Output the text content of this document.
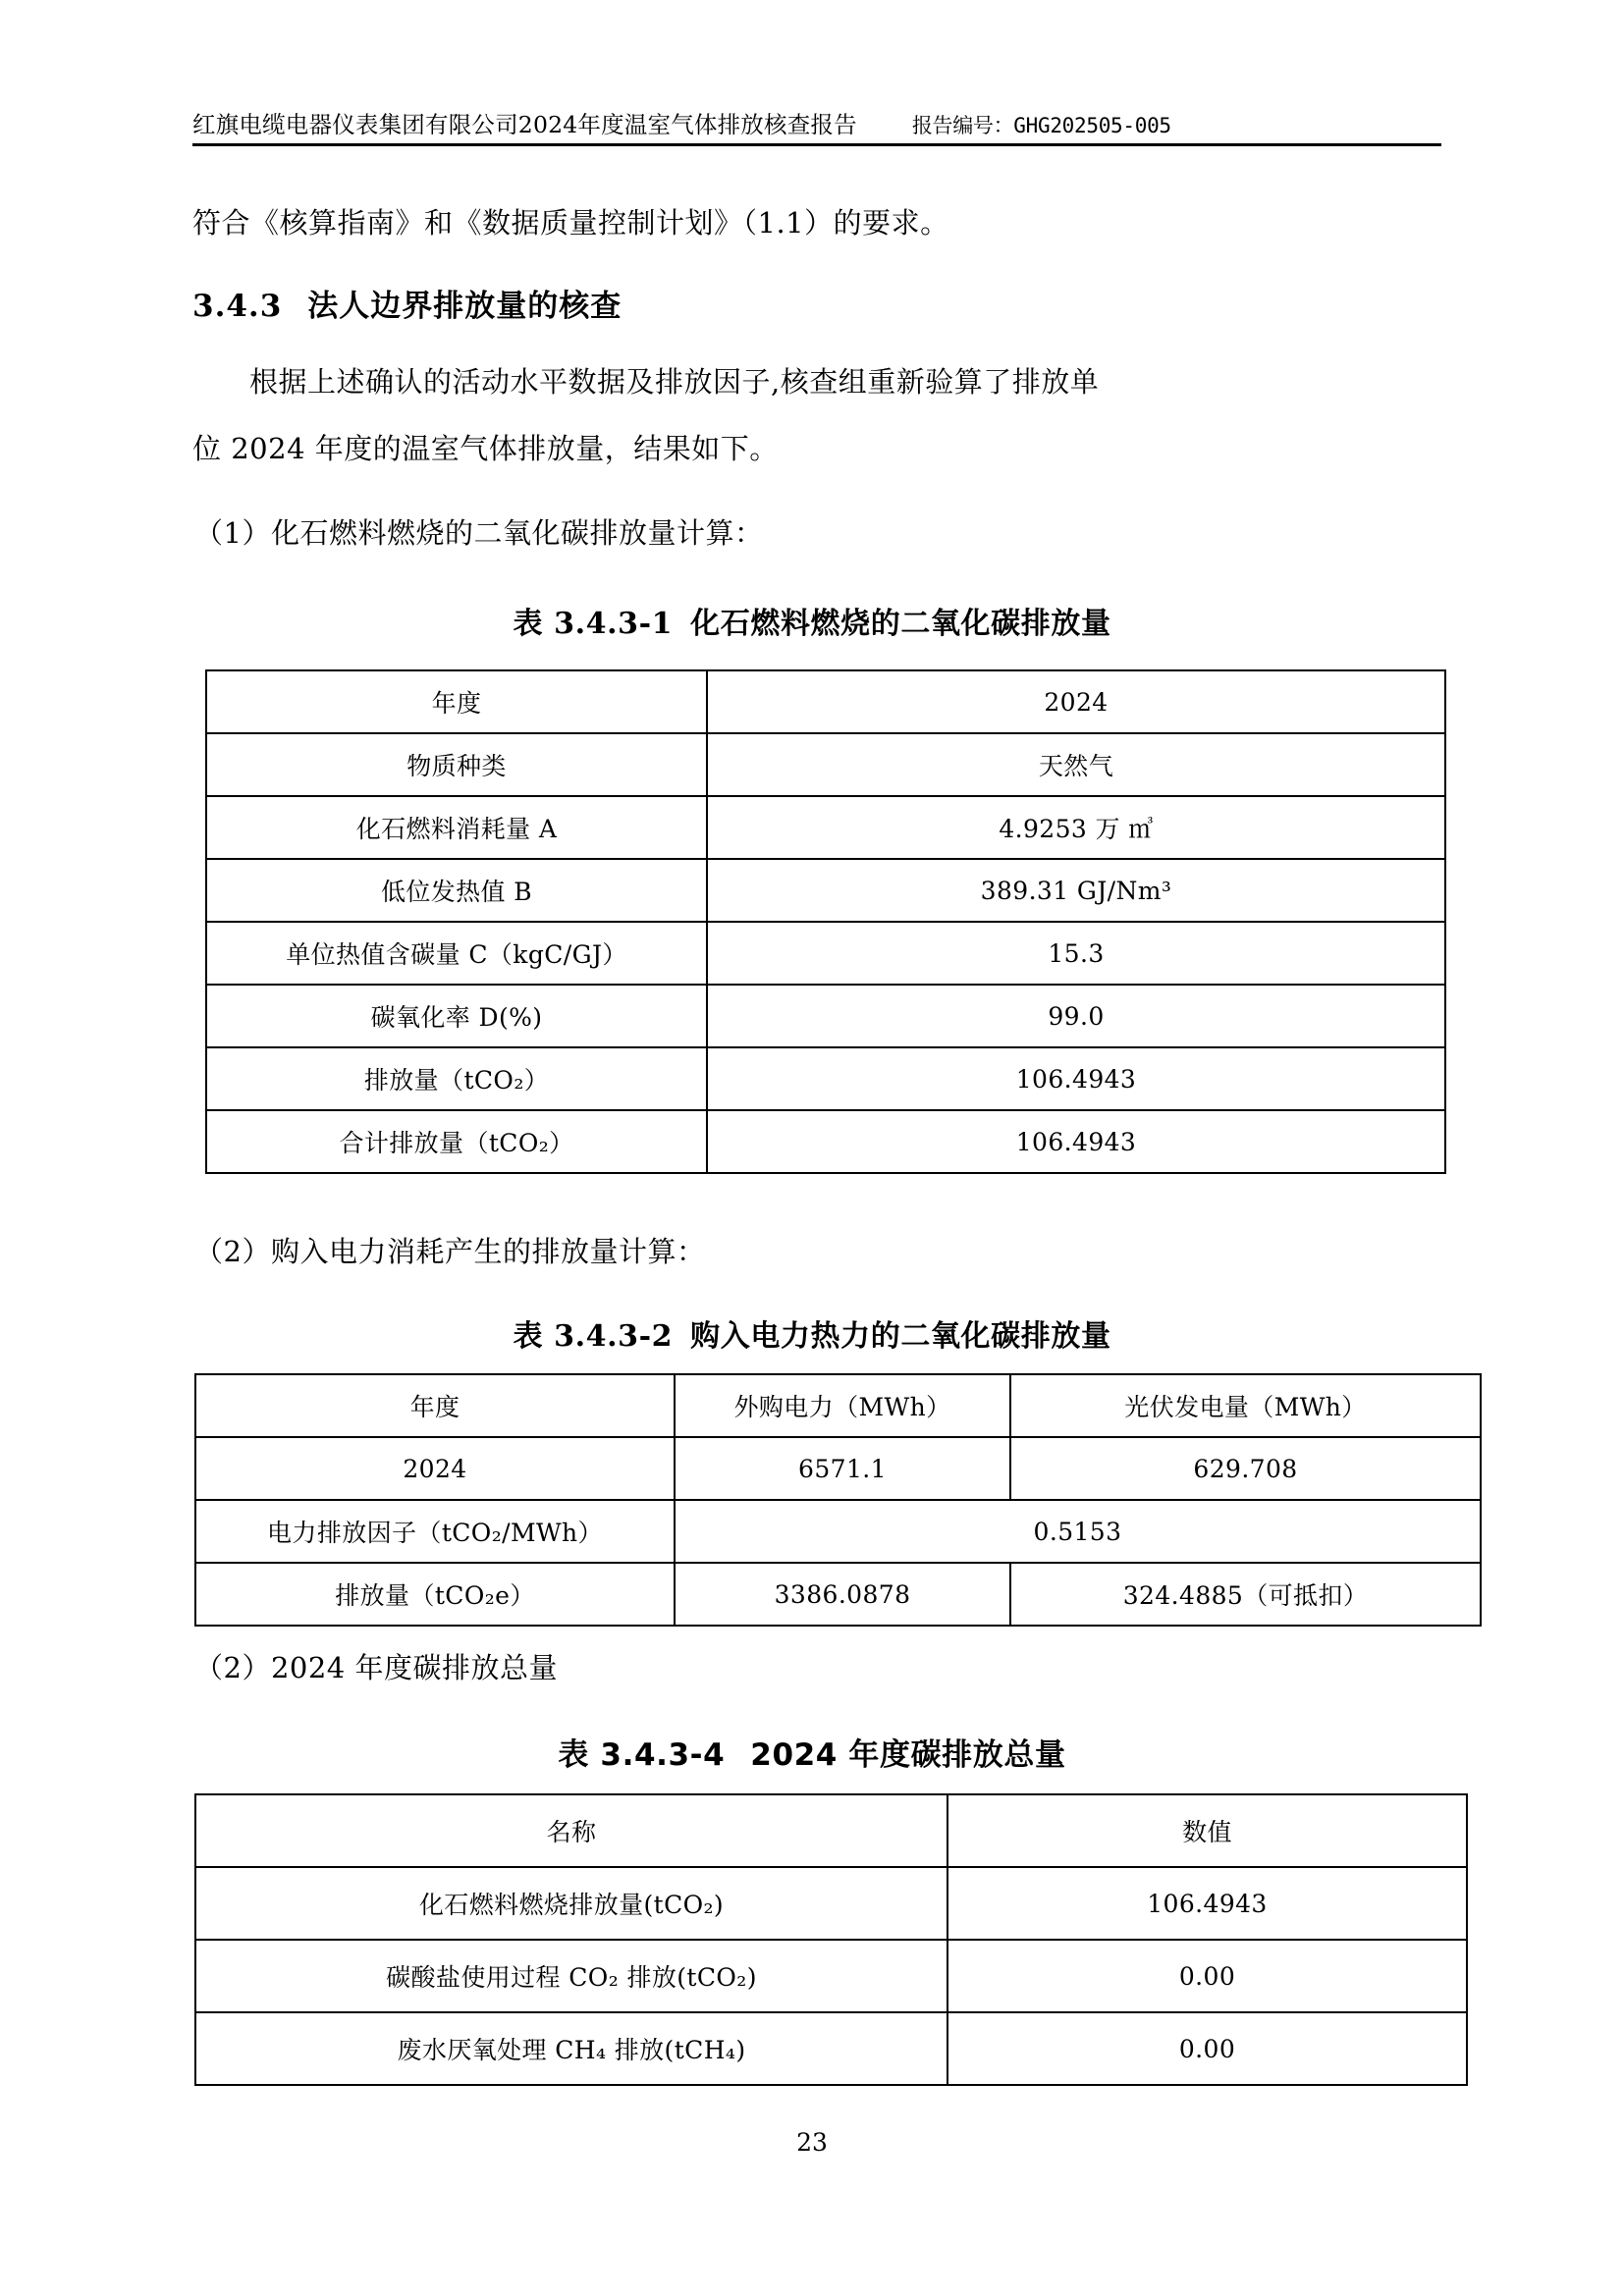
红旗电缆电器仪表集团有限公司2024年度温室气体排放核查报告	报告编号：GHG202505-005
符合《核算指南》和《数据质量控制计划》（1.1）的要求。
3.4.3 法人边界排放量的核查
根据上述确认的活动水平数据及排放因子,核查组重新验算了排放单
位 2024 年度的温室气体排放量，结果如下。
（1）化石燃料燃烧的二氧化碳排放量计算：
表 3.4.3-1 化石燃料燃烧的二氧化碳排放量
年度	2024
物质种类	天然气
化石燃料消耗量 A	4.9253 万 ㎥
低位发热值 B	389.31 GJ/Nm³
单位热值含碳量 C（kgC/GJ）	15.3
碳氧化率 D(%)	99.0
排放量（tCO₂）	106.4943
合计排放量（tCO₂）	106.4943
（2）购入电力消耗产生的排放量计算：
表 3.4.3-2 购入电力热力的二氧化碳排放量
年度	外购电力（MWh）	光伏发电量（MWh）
2024	6571.1	629.708
电力排放因子（tCO₂/MWh）	0.5153	
排放量（tCO₂e）	3386.0878	324.4885（可抵扣）
（2）2024 年度碳排放总量
表 3.4.3-4 2024 年度碳排放总量
名称	数值
化石燃料燃烧排放量(tCO₂)	106.4943
碳酸盐使用过程 CO₂ 排放(tCO₂)	0.00
废水厌氧处理 CH₄ 排放(tCH₄)	0.00
23
